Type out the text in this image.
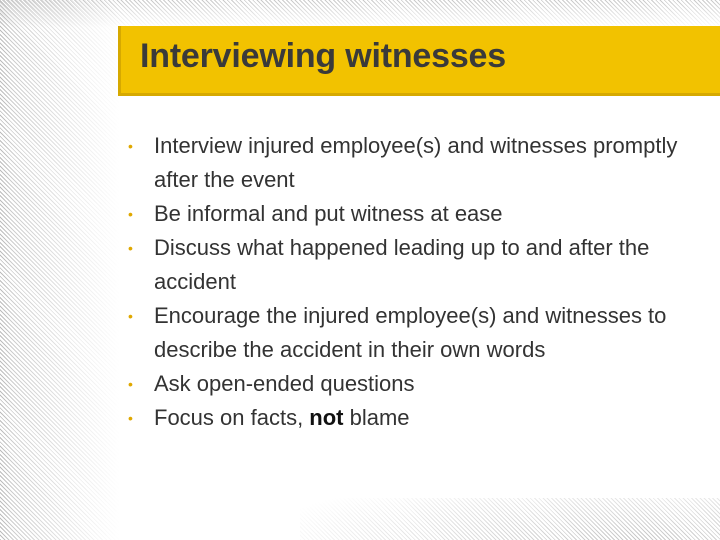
Interviewing witnesses
• Interview injured employee(s) and witnesses promptly after the event
• Be informal and put witness at ease
• Discuss what happened leading up to and after the accident
• Encourage the injured employee(s) and witnesses to describe the accident in their own words
• Ask open-ended questions
• Focus on facts, not blame
